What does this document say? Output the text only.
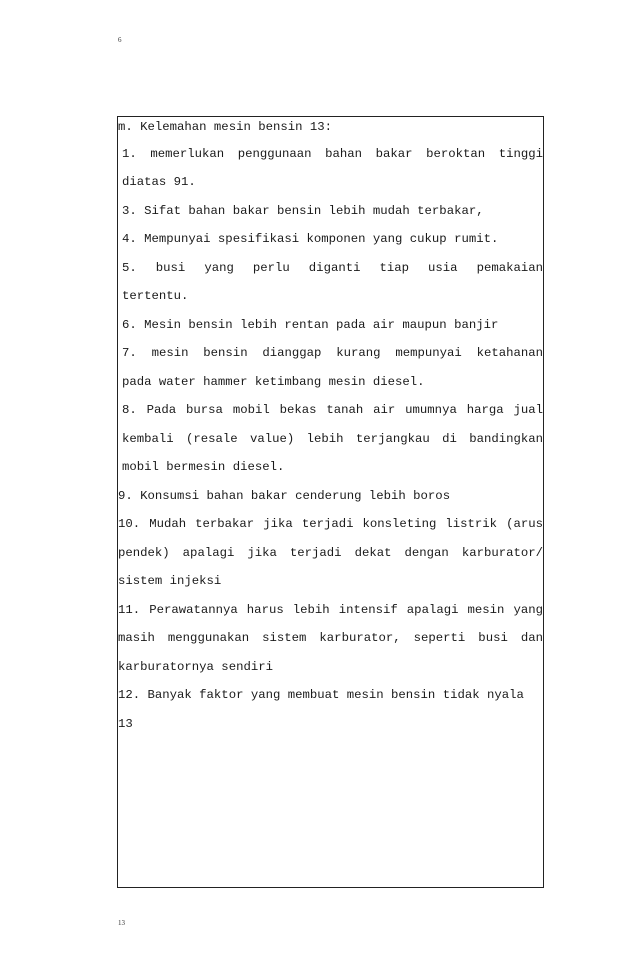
6
m. Kelemahan mesin bensin 13:
1. memerlukan penggunaan bahan bakar beroktan tinggi
diatas 91.
3. Sifat bahan bakar bensin lebih mudah terbakar,
4. Mempunyai spesifikasi komponen yang cukup rumit.
5. busi yang perlu diganti tiap usia pemakaian
tertentu.
6. Mesin bensin lebih rentan pada air maupun banjir
7. mesin bensin dianggap kurang mempunyai ketahanan
pada water hammer ketimbang mesin diesel.
8. Pada bursa mobil bekas tanah air umumnya harga jual
kembali (resale value) lebih terjangkau di bandingkan
mobil bermesin diesel.
9. Konsumsi bahan bakar cenderung lebih boros
10. Mudah terbakar jika terjadi konsleting listrik (arus
pendek) apalagi jika terjadi dekat dengan karburator/
sistem injeksi
11. Perawatannya harus lebih intensif apalagi mesin yang
masih menggunakan sistem karburator, seperti busi dan
karburatornya sendiri
12. Banyak faktor yang membuat mesin bensin tidak nyala
13
13
